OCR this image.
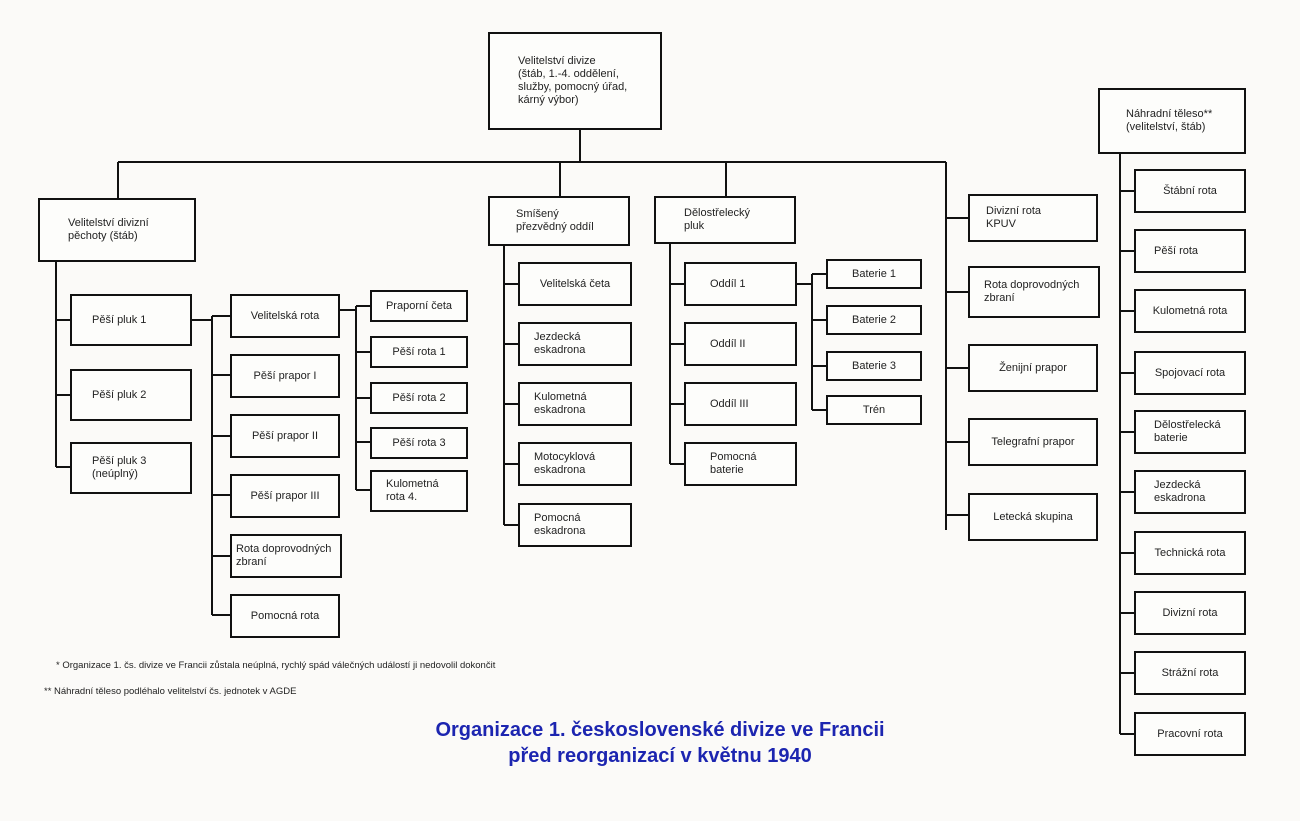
Velitelství divize
(štáb, 1.-4. oddělení,
služby, pomocný úřad,
kárný výbor)
Velitelství divizní
pěchoty (štáb)
Pěší pluk 1
Pěší pluk 2
Pěší pluk 3
(neúplný)
Velitelská rota
Pěší prapor I
Pěší prapor II
Pěší prapor III
Rota doprovodných
zbraní
Pomocná rota
Praporní četa
Pěší rota 1
Pěší rota 2
Pěší rota 3
Kulometná
rota 4.
Smíšený
přezvědný oddíl
Velitelská četa
Jezdecká
eskadrona
Kulometná
eskadrona
Motocyklová
eskadrona
Pomocná
eskadrona
Dělostřelecký
pluk
Oddíl 1
Oddíl II
Oddíl III
Pomocná
baterie
Baterie 1
Baterie 2
Baterie 3
Trén
Divizní rota
KPUV
Rota doprovodných
zbraní
Ženijní prapor
Telegrafní prapor
Letecká skupina
Náhradní těleso**
(velitelství, štáb)
Štábní rota
Pěší rota
Kulometná rota
Spojovací rota
Dělostřelecká
baterie
Jezdecká
eskadrona
Technická rota
Divizní rota
Strážní rota
Pracovní rota
* Organizace 1. čs. divize ve Francii zůstala neúplná, rychlý spád válečných událostí ji nedovolil dokončit
** Náhradní těleso podléhalo velitelství čs. jednotek v AGDE
Organizace 1. československé divize ve Francii
před reorganizací v květnu 1940
